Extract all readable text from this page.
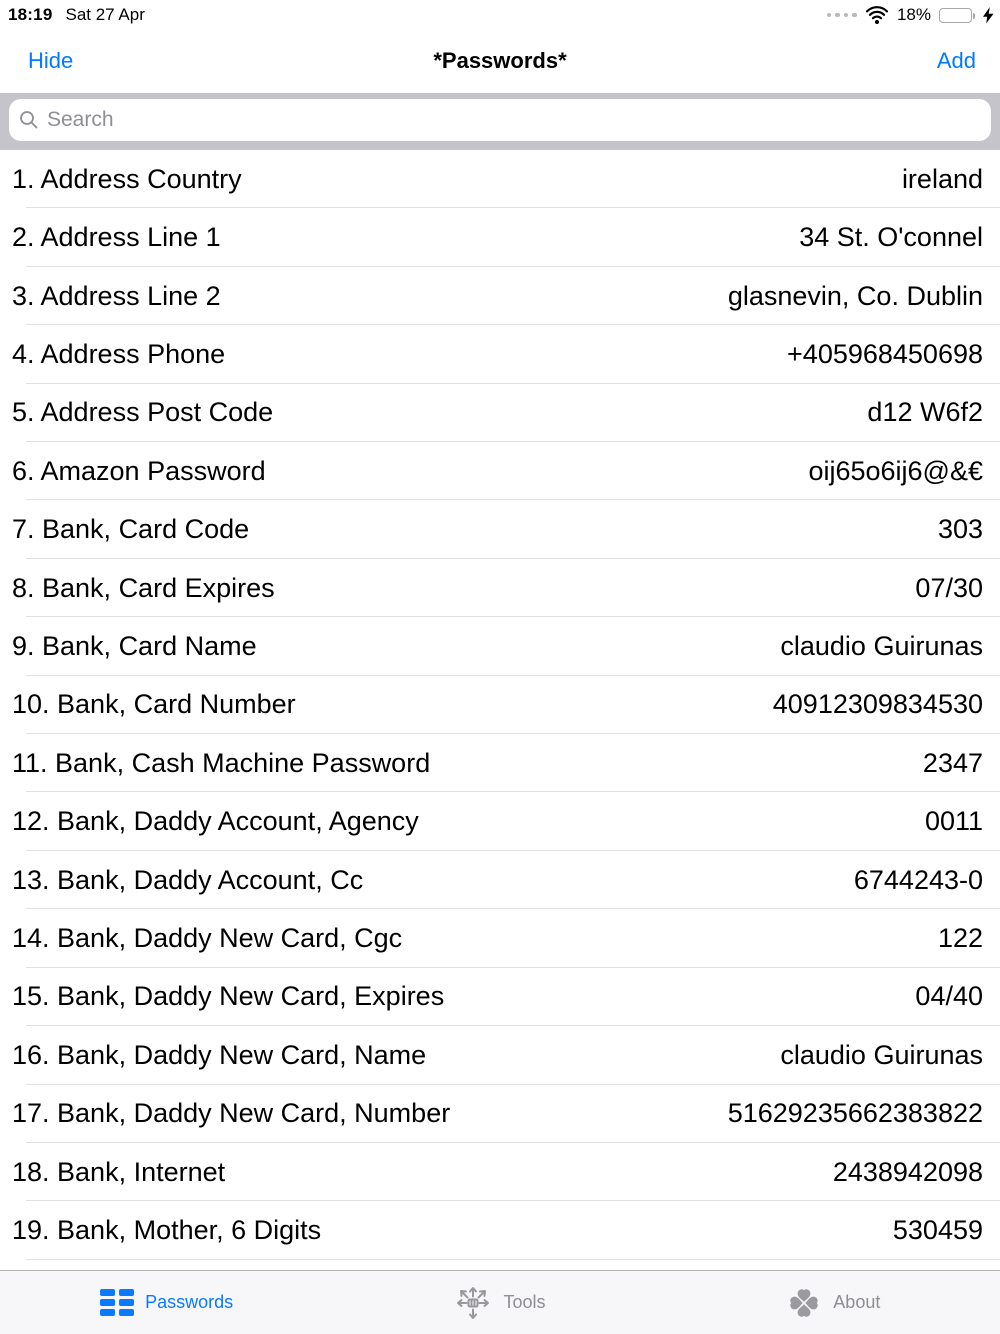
18:19 Sat 27 Apr	18%
Hide	*Passwords*	Add
Search
1. Address Country	ireland
2. Address Line 1	34 St. O'connel
3. Address Line 2	glasnevin, Co. Dublin
4. Address Phone	+405968450698
5. Address Post Code	d12 W6f2
6. Amazon Password	oij65o6ij6@&€
7. Bank, Card Code	303
8. Bank, Card Expires	07/30
9. Bank, Card Name	claudio Guirunas
10. Bank, Card Number	40912309834530
11. Bank, Cash Machine Password	2347
12. Bank, Daddy Account, Agency	0011
13. Bank, Daddy Account, Cc	6744243-0
14. Bank, Daddy New Card, Cgc	122
15. Bank, Daddy New Card, Expires	04/40
16. Bank, Daddy New Card, Name	claudio Guirunas
17. Bank, Daddy New Card, Number	51629235662383822
18. Bank, Internet	2438942098
19. Bank, Mother, 6 Digits	530459
Passwords	Tools	About
